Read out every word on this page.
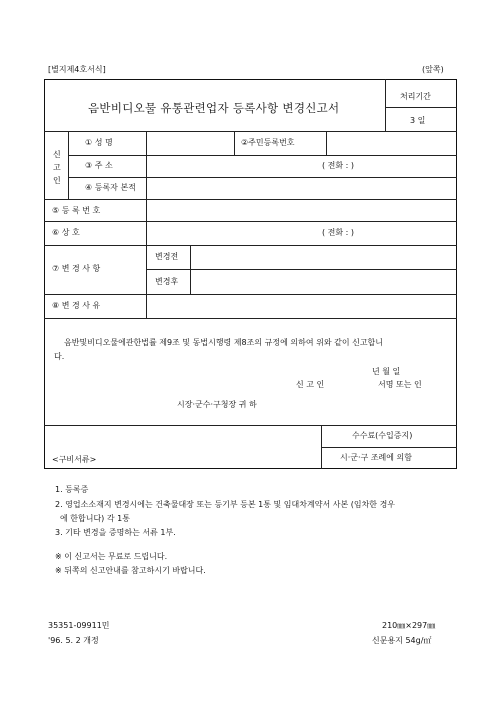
[별지제4호서식]	(앞쪽)
음반비디오물 유통관련업자 등록사항 변경신고서
처리기간
3 일
신
고
인
① 성 명	②주민등록번호
③ 주 소	( 전화 : )
④ 등록자 본적
⑤ 등 록 번 호
⑥ 상 호	( 전화 : )
⑦ 변 경 사 항
변경전
변경후
⑧ 변 경 사 유
음반및비디오물에관한법률 제9조 및 동법시행령 제8조의 규정에 의하여 위와 같이 신고합니
다.
년 월 일
신 고 인	서명 또는 인
시장·군수·구청장 귀 하
<구비서류>
수수료(수입증지)
시·군·구 조례에 의함
1. 등록증
2. 영업소소재지 변경시에는 건축물대장 또는 등기부 등본 1통 및 임대차계약서 사본 (임차한 경우
에 한합니다) 각 1통
3. 기타 변경을 증명하는 서류 1부.
※ 이 신고서는 무료로 드립니다.
※ 뒤쪽의 신고안내를 참고하시기 바랍니다.
35351-09911민
'96. 5. 2 개정
210㎜×297㎜
신문용지 54g/㎡
